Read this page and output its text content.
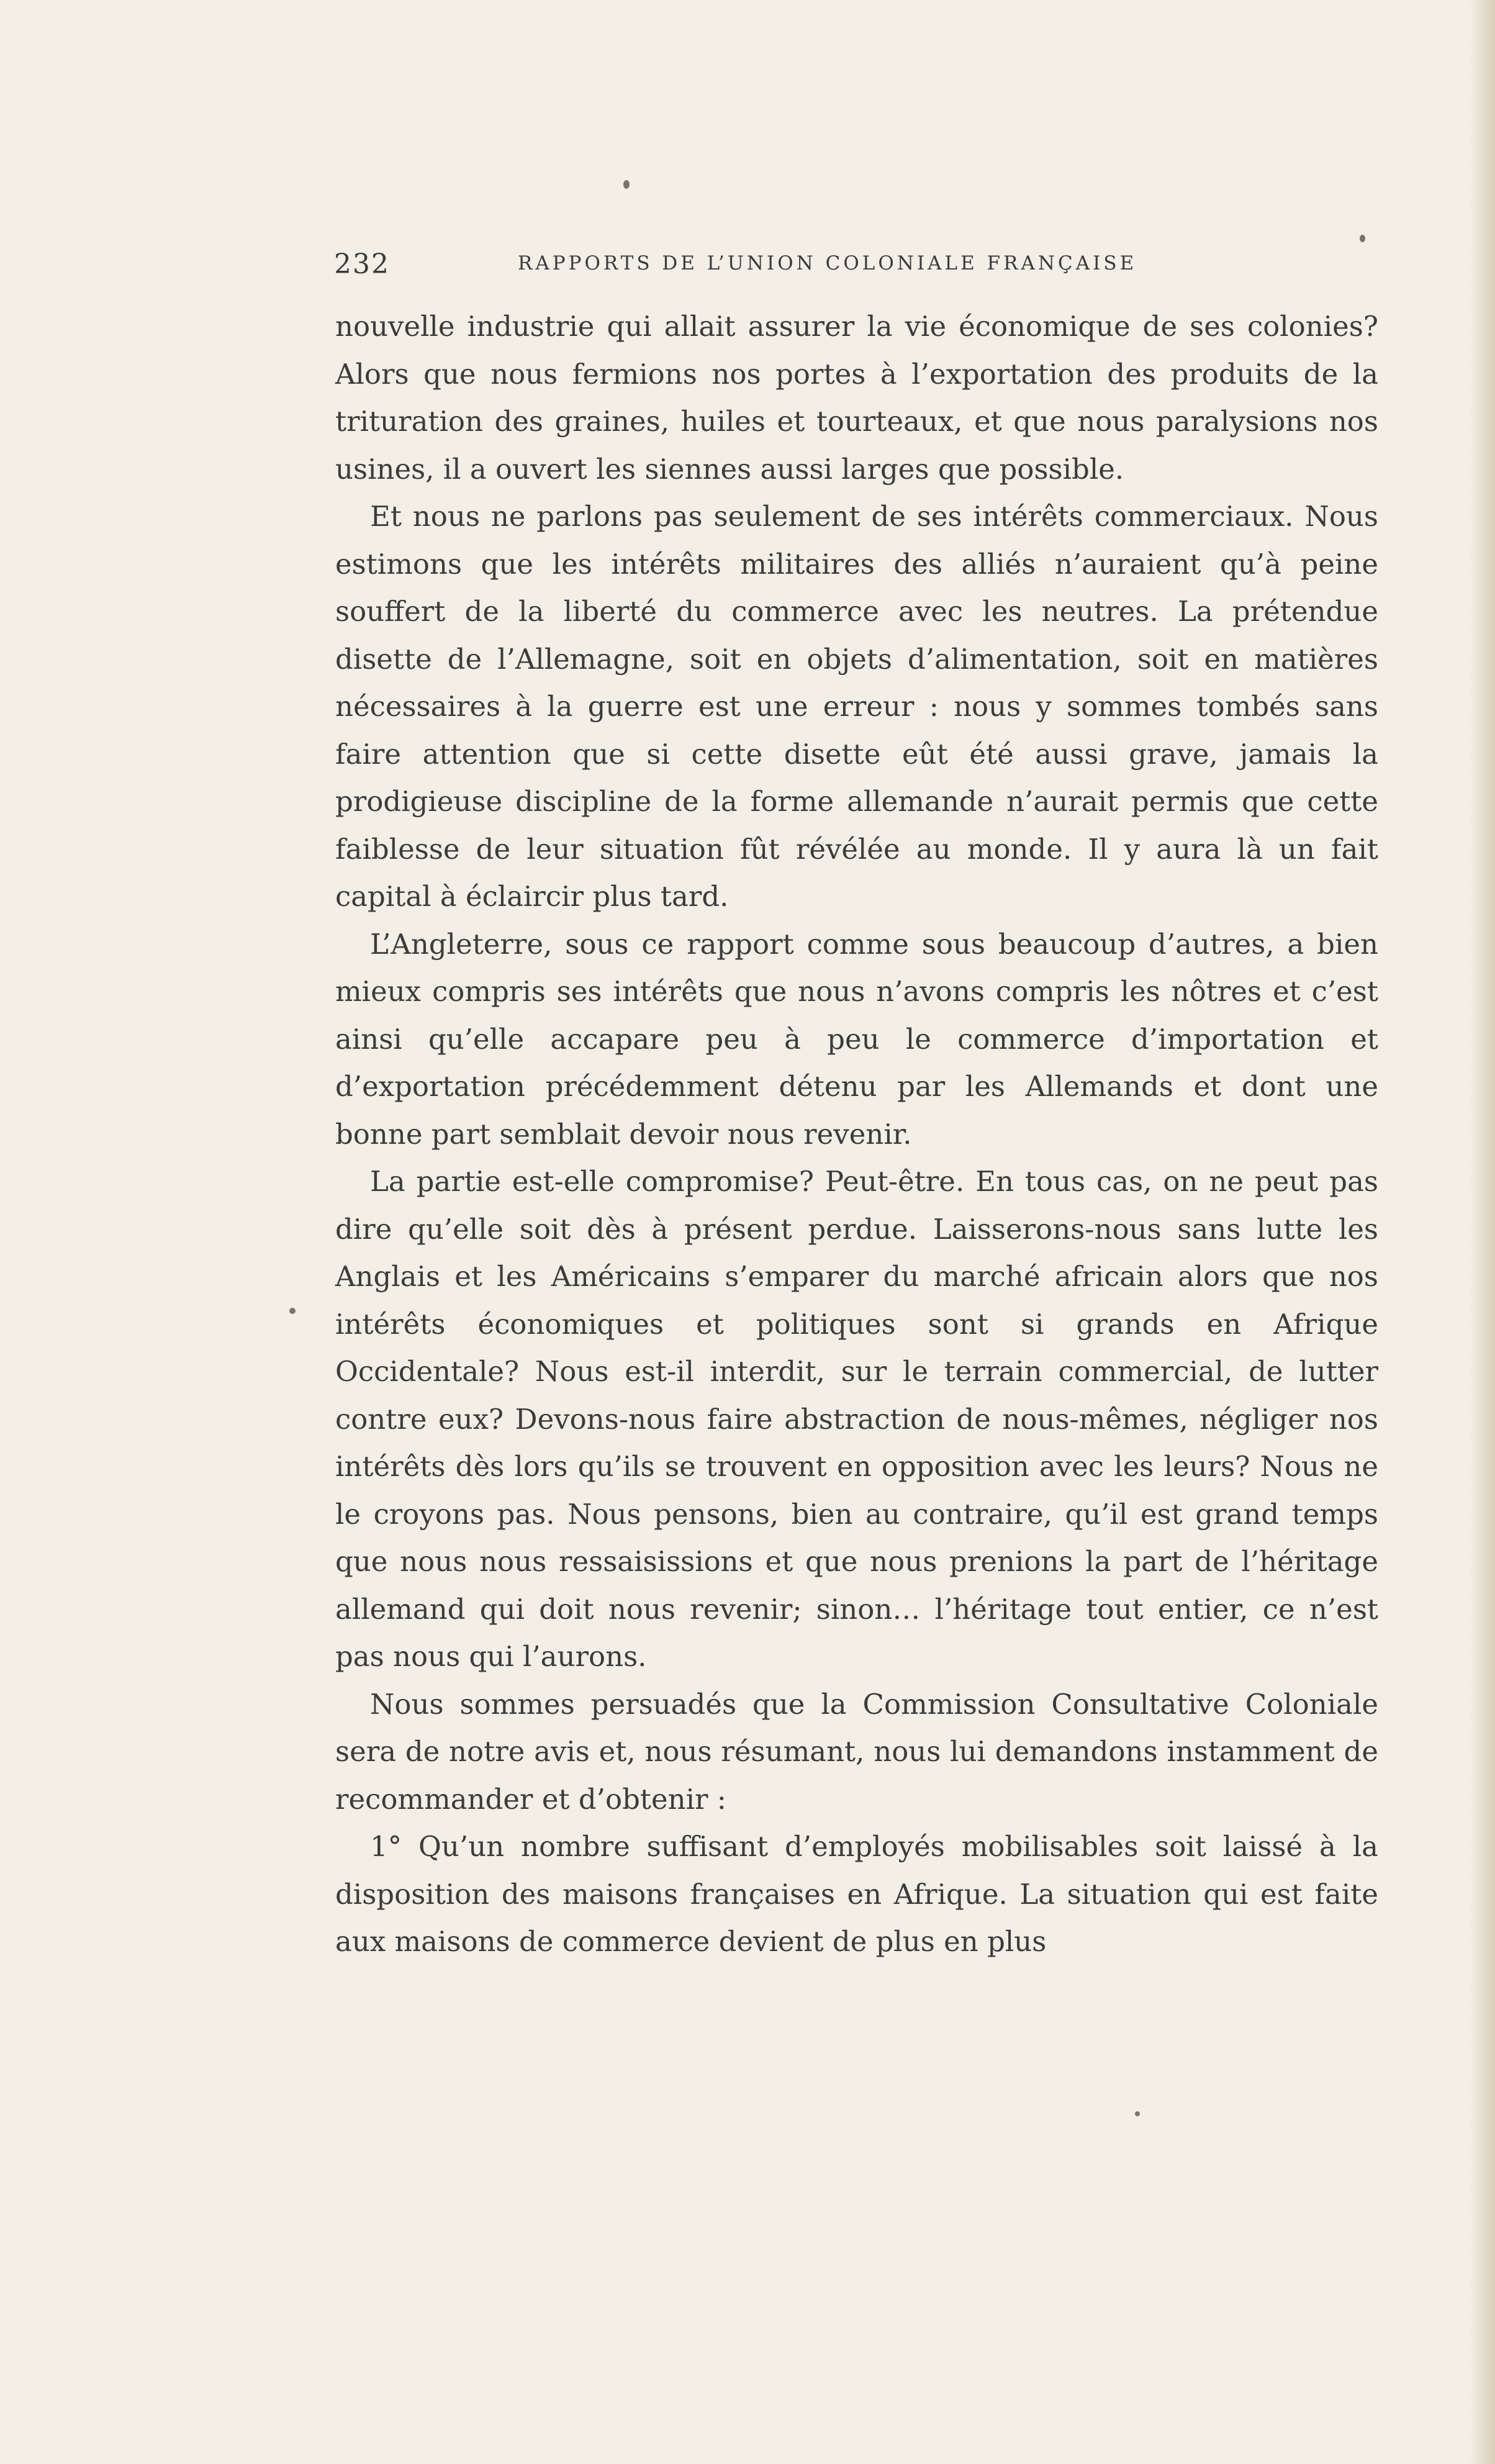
232	RAPPORTS DE L’UNION COLONIALE FRANÇAISE

nouvelle industrie qui allait assurer la vie économique de ses colonies? Alors que nous fermions nos portes à l’exportation des produits de la trituration des graines, huiles et tourteaux, et que nous paralysions nos usines, il a ouvert les siennes aussi larges que possible.

Et nous ne parlons pas seulement de ses intérêts commerciaux. Nous estimons que les intérêts militaires des alliés n’auraient qu’à peine souffert de la liberté du commerce avec les neutres. La prétendue disette de l’Allemagne, soit en objets d’alimentation, soit en matières nécessaires à la guerre est une erreur : nous y sommes tombés sans faire attention que si cette disette eût été aussi grave, jamais la prodigieuse discipline de la forme allemande n’aurait permis que cette faiblesse de leur situation fût révélée au monde. Il y aura là un fait capital à éclaircir plus tard.

L’Angleterre, sous ce rapport comme sous beaucoup d’autres, a bien mieux compris ses intérêts que nous n’avons compris les nôtres et c’est ainsi qu’elle accapare peu à peu le commerce d’importation et d’exportation précédemment détenu par les Allemands et dont une bonne part semblait devoir nous revenir.

La partie est-elle compromise? Peut-être. En tous cas, on ne peut pas dire qu’elle soit dès à présent perdue. Laisserons-nous sans lutte les Anglais et les Américains s’emparer du marché africain alors que nos intérêts économiques et politiques sont si grands en Afrique Occidentale? Nous est-il interdit, sur le terrain commercial, de lutter contre eux? Devons-nous faire abstraction de nous-mêmes, négliger nos intérêts dès lors qu’ils se trouvent en opposition avec les leurs? Nous ne le croyons pas. Nous pensons, bien au contraire, qu’il est grand temps que nous nous ressaisissions et que nous prenions la part de l’héritage allemand qui doit nous revenir; sinon… l’héritage tout entier, ce n’est pas nous qui l’aurons.

Nous sommes persuadés que la Commission Consultative Coloniale sera de notre avis et, nous résumant, nous lui demandons instamment de recommander et d’obtenir :

1° Qu’un nombre suffisant d’employés mobilisables soit laissé à la disposition des maisons françaises en Afrique. La situation qui est faite aux maisons de commerce devient de plus en plus
